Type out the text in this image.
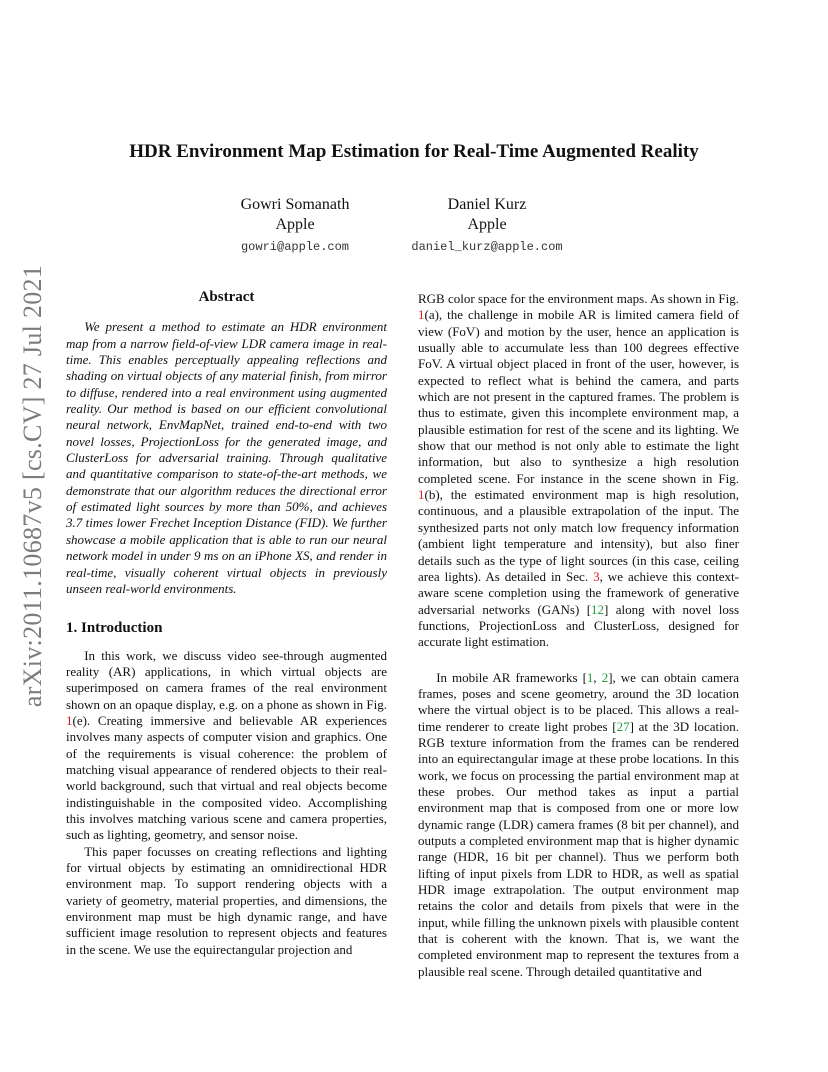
arXiv:2011.10687v5 [cs.CV] 27 Jul 2021
HDR Environment Map Estimation for Real-Time Augmented Reality
Gowri Somanath
Apple
gowri@apple.com
Daniel Kurz
Apple
daniel_kurz@apple.com
Abstract

We present a method to estimate an HDR environment map from a narrow field-of-view LDR camera image in real-time. This enables perceptually appealing reflections and shading on virtual objects of any material finish, from mirror to diffuse, rendered into a real environment using augmented reality. Our method is based on our efficient convolutional neural network, EnvMapNet, trained end-to-end with two novel losses, ProjectionLoss for the generated image, and ClusterLoss for adversarial training. Through qualitative and quantitative comparison to state-of-the-art methods, we demonstrate that our algorithm reduces the directional error of estimated light sources by more than 50%, and achieves 3.7 times lower Frechet Inception Distance (FID). We further showcase a mobile application that is able to run our neural network model in under 9 ms on an iPhone XS, and render in real-time, visually coherent virtual objects in previously unseen real-world environments.

1. Introduction

In this work, we discuss video see-through augmented reality (AR) applications, in which virtual objects are superimposed on camera frames of the real environment shown on an opaque display, e.g. on a phone as shown in Fig. 1(e). Creating immersive and believable AR experiences involves many aspects of computer vision and graphics. One of the requirements is visual coherence: the problem of matching visual appearance of rendered objects to their real-world background, such that virtual and real objects become indistinguishable in the composited video. Accomplishing this involves matching various scene and camera properties, such as lighting, geometry, and sensor noise.

This paper focusses on creating reflections and lighting for virtual objects by estimating an omnidirectional HDR environment map. To support rendering objects with a variety of geometry, material properties, and dimensions, the environment map must be high dynamic range, and have sufficient image resolution to represent objects and features in the scene. We use the equirectangular projection and

RGB color space for the environment maps. As shown in Fig. 1(a), the challenge in mobile AR is limited camera field of view (FoV) and motion by the user, hence an application is usually able to accumulate less than 100 degrees effective FoV. A virtual object placed in front of the user, however, is expected to reflect what is behind the camera, and parts which are not present in the captured frames. The problem is thus to estimate, given this incomplete environment map, a plausible estimation for rest of the scene and its lighting. We show that our method is not only able to estimate the light information, but also to synthesize a high resolution completed scene. For instance in the scene shown in Fig. 1(b), the estimated environment map is high resolution, continuous, and a plausible extrapolation of the input. The synthesized parts not only match low frequency information (ambient light temperature and intensity), but also finer details such as the type of light sources (in this case, ceiling area lights). As detailed in Sec. 3, we achieve this context-aware scene completion using the framework of generative adversarial networks (GANs) [12] along with novel loss functions, ProjectionLoss and ClusterLoss, designed for accurate light estimation.

In mobile AR frameworks [1, 2], we can obtain camera frames, poses and scene geometry, around the 3D location where the virtual object is to be placed. This allows a real-time renderer to create light probes [27] at the 3D location. RGB texture information from the frames can be rendered into an equirectangular image at these probe locations. In this work, we focus on processing the partial environment map at these probes. Our method takes as input a partial environment map that is composed from one or more low dynamic range (LDR) camera frames (8 bit per channel), and outputs a completed environment map that is higher dynamic range (HDR, 16 bit per channel). Thus we perform both lifting of input pixels from LDR to HDR, as well as spatial HDR image extrapolation. The output environment map retains the color and details from pixels that were in the input, while filling the unknown pixels with plausible content that is coherent with the known. That is, we want the completed environment map to represent the textures from a plausible real scene. Through detailed quantitative and
